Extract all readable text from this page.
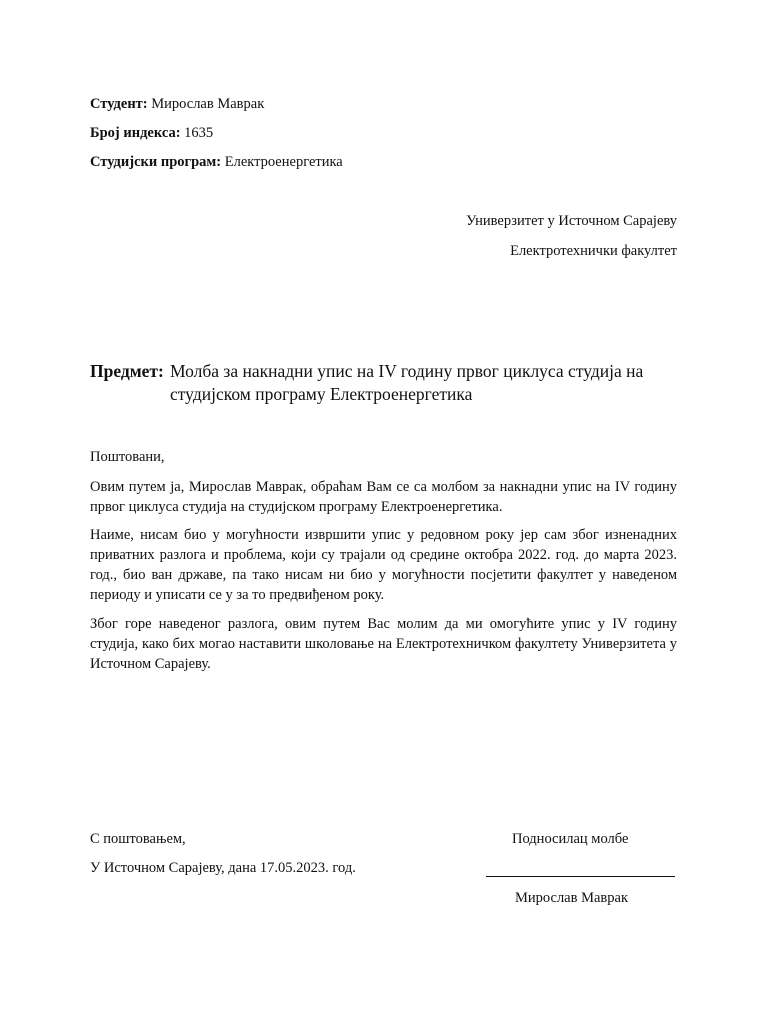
Студент: Мирослав Маврак
Број индекса: 1635
Студијски програм: Електроенергетика
Универзитет у Источном Сарајеву
Електротехнички факултет
Предмет: Молба за накнадни упис на IV годину првог циклуса студија на студијском програму Електроенергетика
Поштовани,
Овим путем ја, Мирослав Маврак, обраћам Вам се са молбом за накнадни упис на IV годину првог циклуса студија на студијском програму Електроенергетика.
Наиме, нисам био у могућности извршити упис у редовном року јер сам због изненадних приватних разлога и проблема, који су трајали од средине октобра 2022. год. до марта 2023. год., био ван државе, па тако нисам ни био у могућности посјетити факултет у наведеном периоду и уписати се у за то предвиђеном року.
Због горе наведеног разлога, овим путем Вас молим да ми омогућите упис у IV годину студија, како бих могао наставити школовање на Електротехничком факултету Универзитета у Источном Сарајеву.
С поштовањем,
У Источном Сарајеву, дана 17.05.2023. год.
Подносилац молбе
Мирослав Маврак
